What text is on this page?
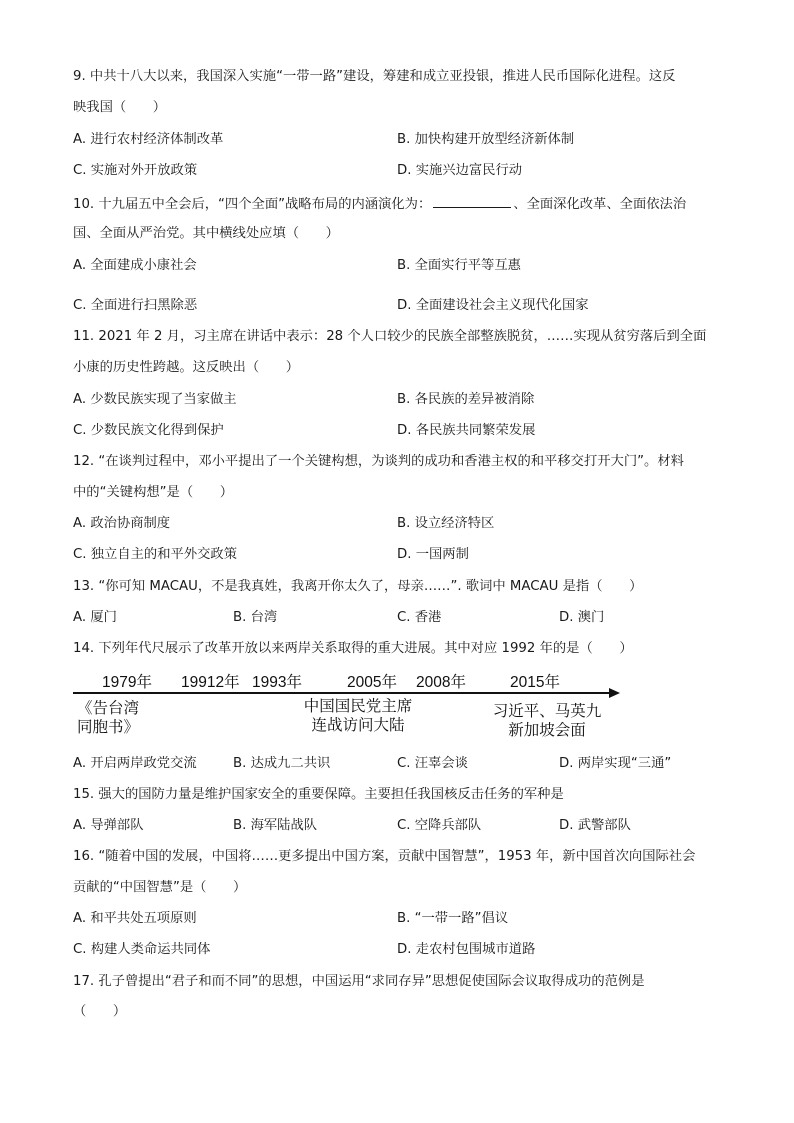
9. 中共十八大以来，我国深入实施“一带一路”建设，筹建和成立亚投银，推进人民币国际化进程。这反
映我国（　　）
A. 进行农村经济体制改革	B. 加快构建开放型经济新体制
C. 实施对外开放政策	D. 实施兴边富民行动
10. 十九届五中全会后，“四个全面”战略布局的内涵演化为：	、全面深化改革、全面依法治
国、全面从严治党。其中横线处应填（　　）
A. 全面建成小康社会	B. 全面实行平等互惠
C. 全面进行扫黑除恶	D. 全面建设社会主义现代化国家
11. 2021 年 2 月，习主席在讲话中表示：28 个人口较少的民族全部整族脱贫，……实现从贫穷落后到全面
小康的历史性跨越。这反映出（　　）
A. 少数民族实现了当家做主	B. 各民族的差异被消除
C. 少数民族文化得到保护	D. 各民族共同繁荣发展
12. “在谈判过程中，邓小平提出了一个关键构想，为谈判的成功和香港主权的和平移交打开大门”。材料
中的“关键构想”是（　　）
A. 政治协商制度	B. 设立经济特区
C. 独立自主的和平外交政策	D. 一国两制
13. “你可知 MACAU，不是我真姓，我离开你太久了，母亲……”. 歌词中 MACAU 是指（　　）
A. 厦门	B. 台湾	C. 香港	D. 澳门
14. 下列年代尺展示了改革开放以来两岸关系取得的重大进展。其中对应 1992 年的是（　　）
1979年 19912年 1993年	2005年 2008年	2015年
《告台湾
同胞书》
中国国民党主席
连战访问大陆
习近平、马英九
新加坡会面
A. 开启两岸政党交流	B. 达成九二共识	C. 汪辜会谈	D. 两岸实现“三通”
15. 强大的国防力量是维护国家安全的重要保障。主要担任我国核反击任务的军种是
A. 导弹部队	B. 海军陆战队	C. 空降兵部队	D. 武警部队
16. “随着中国的发展，中国将……更多提出中国方案，贡献中国智慧”，1953 年，新中国首次向国际社会
贡献的“中国智慧”是（　　）
A. 和平共处五项原则	B. “一带一路”倡议
C. 构建人类命运共同体	D. 走农村包围城市道路
17. 孔子曾提出“君子和而不同”的思想，中国运用“求同存异”思想促使国际会议取得成功的范例是
（　　）
